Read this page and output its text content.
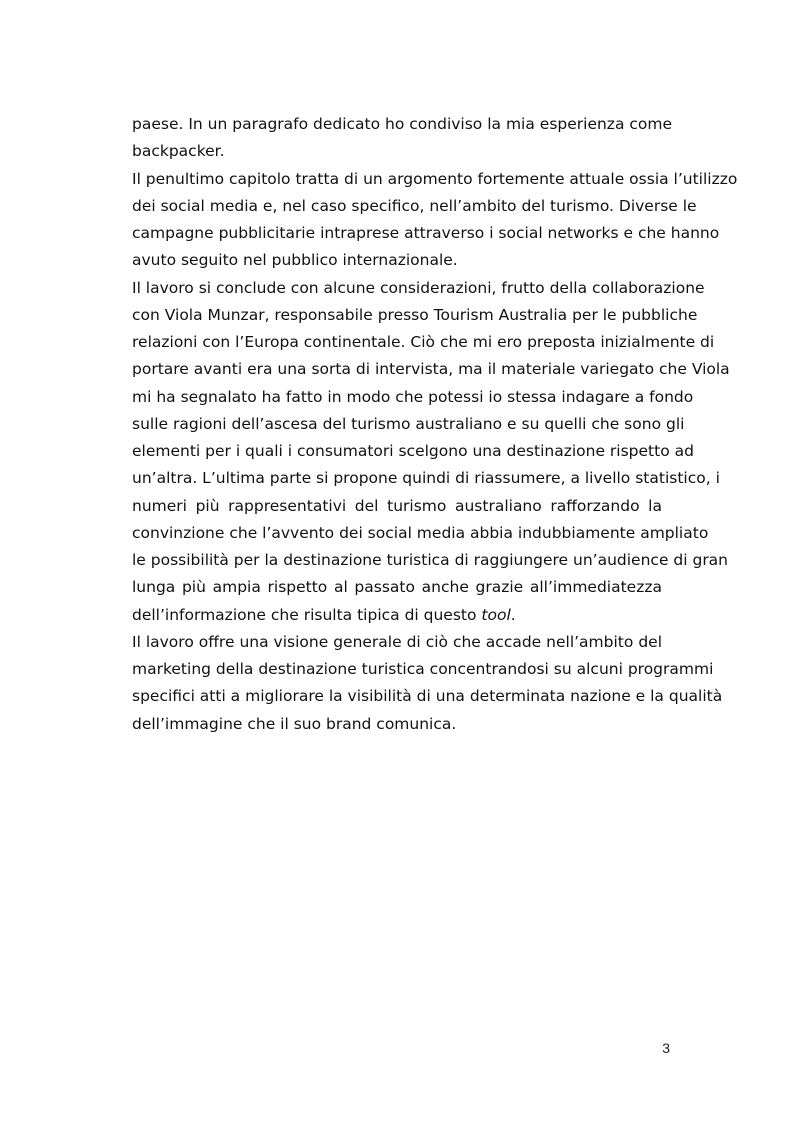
paese. In un paragrafo dedicato ho condiviso la mia esperienza come
backpacker.
Il penultimo capitolo tratta di un argomento fortemente attuale ossia l’utilizzo
dei social media e, nel caso specifico, nell’ambito del turismo. Diverse le
campagne pubblicitarie intraprese attraverso i social networks e che hanno
avuto seguito nel pubblico internazionale.
Il lavoro si conclude con alcune considerazioni, frutto della collaborazione
con Viola Munzar, responsabile presso Tourism Australia per le pubbliche
relazioni con l’Europa continentale. Ciò che mi ero preposta inizialmente di
portare avanti era una sorta di intervista, ma il materiale variegato che Viola
mi ha segnalato ha fatto in modo che potessi io stessa indagare a fondo
sulle ragioni dell’ascesa del turismo australiano e su quelli che sono gli
elementi per i quali i consumatori scelgono una destinazione rispetto ad
un’altra. L’ultima parte si propone quindi di riassumere, a livello statistico, i
numeri più rappresentativi del turismo australiano rafforzando la
convinzione che l’avvento dei social media abbia indubbiamente ampliato
le possibilità per la destinazione turistica di raggiungere un’audience di gran
lunga più ampia rispetto al passato anche grazie all’immediatezza
dell’informazione che risulta tipica di questo tool.
Il lavoro offre una visione generale di ciò che accade nell’ambito del
marketing della destinazione turistica concentrandosi su alcuni programmi
specifici atti a migliorare la visibilità di una determinata nazione e la qualità
dell’immagine che il suo brand comunica.
3
